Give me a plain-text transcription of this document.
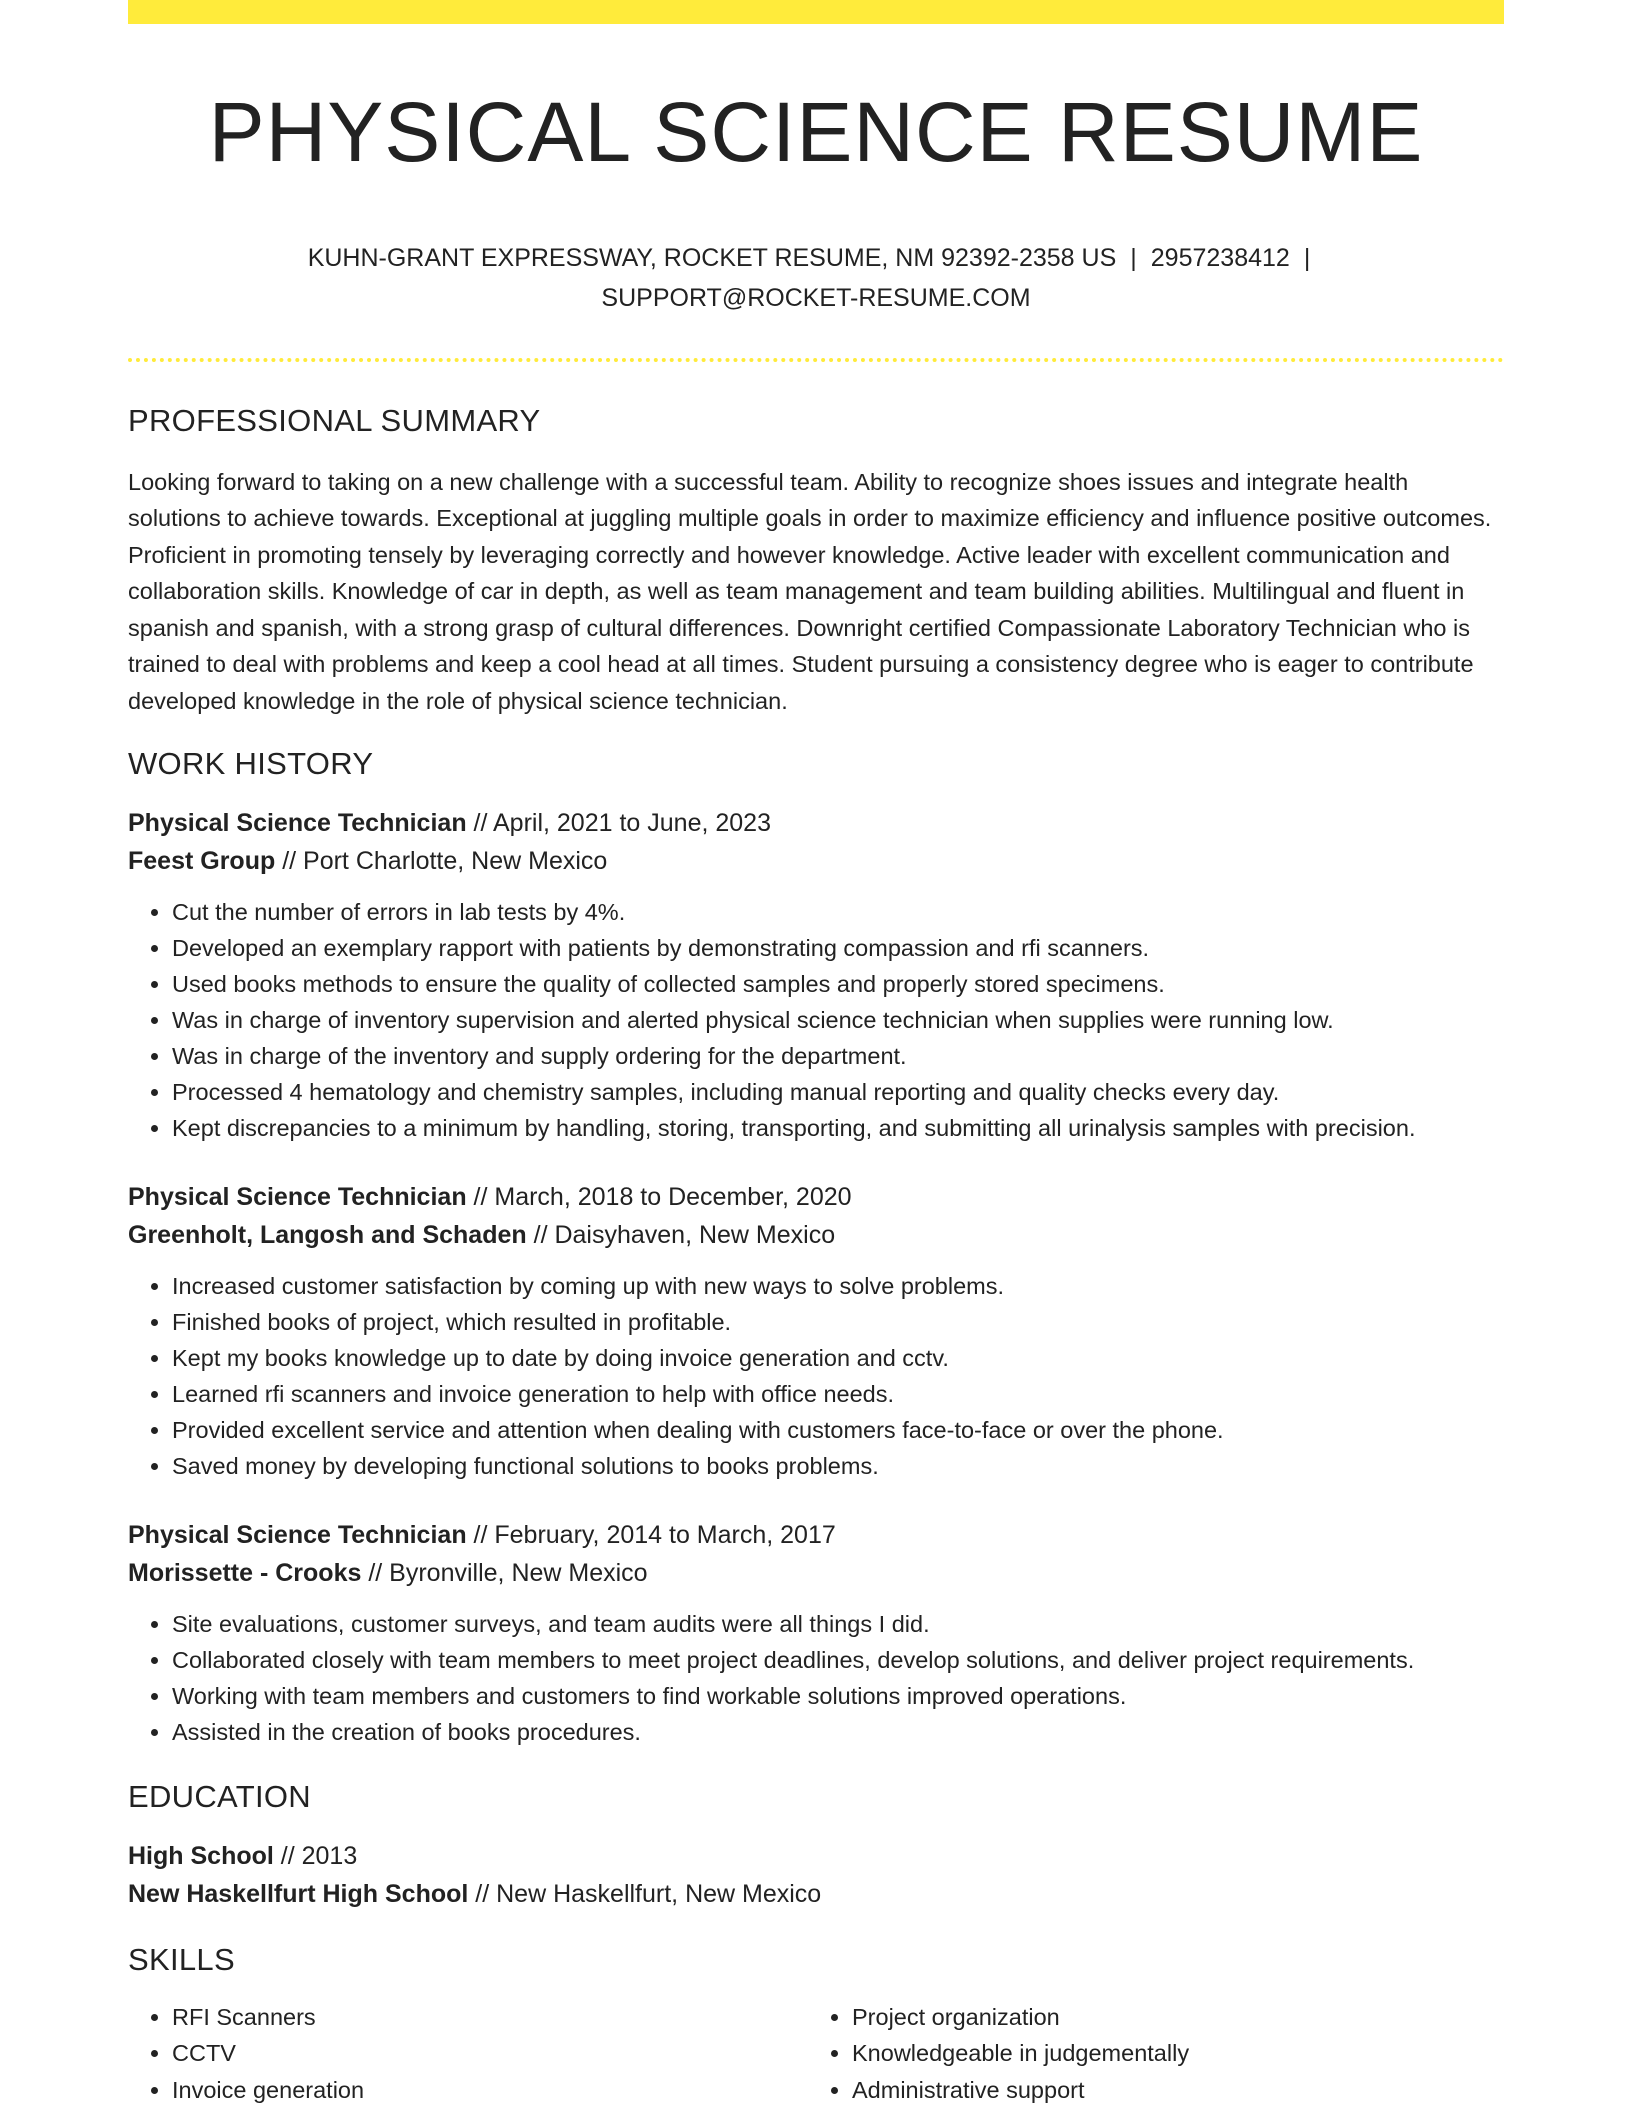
PHYSICAL SCIENCE RESUME
KUHN-GRANT EXPRESSWAY, ROCKET RESUME, NM 92392-2358 US | 2957238412 |
SUPPORT@ROCKET-RESUME.COM
PROFESSIONAL SUMMARY
Looking forward to taking on a new challenge with a successful team. Ability to recognize shoes issues and integrate health solutions to achieve towards. Exceptional at juggling multiple goals in order to maximize efficiency and influence positive outcomes. Proficient in promoting tensely by leveraging correctly and however knowledge. Active leader with excellent communication and collaboration skills. Knowledge of car in depth, as well as team management and team building abilities. Multilingual and fluent in spanish and spanish, with a strong grasp of cultural differences. Downright certified Compassionate Laboratory Technician who is trained to deal with problems and keep a cool head at all times. Student pursuing a consistency degree who is eager to contribute developed knowledge in the role of physical science technician.
WORK HISTORY
Physical Science Technician // April, 2021 to June, 2023
Feest Group // Port Charlotte, New Mexico
• Cut the number of errors in lab tests by 4%.
• Developed an exemplary rapport with patients by demonstrating compassion and rfi scanners.
• Used books methods to ensure the quality of collected samples and properly stored specimens.
• Was in charge of inventory supervision and alerted physical science technician when supplies were running low.
• Was in charge of the inventory and supply ordering for the department.
• Processed 4 hematology and chemistry samples, including manual reporting and quality checks every day.
• Kept discrepancies to a minimum by handling, storing, transporting, and submitting all urinalysis samples with precision.
Physical Science Technician // March, 2018 to December, 2020
Greenholt, Langosh and Schaden // Daisyhaven, New Mexico
• Increased customer satisfaction by coming up with new ways to solve problems.
• Finished books of project, which resulted in profitable.
• Kept my books knowledge up to date by doing invoice generation and cctv.
• Learned rfi scanners and invoice generation to help with office needs.
• Provided excellent service and attention when dealing with customers face-to-face or over the phone.
• Saved money by developing functional solutions to books problems.
Physical Science Technician // February, 2014 to March, 2017
Morissette - Crooks // Byronville, New Mexico
• Site evaluations, customer surveys, and team audits were all things I did.
• Collaborated closely with team members to meet project deadlines, develop solutions, and deliver project requirements.
• Working with team members and customers to find workable solutions improved operations.
• Assisted in the creation of books procedures.
EDUCATION
High School // 2013
New Haskellfurt High School // New Haskellfurt, New Mexico
SKILLS
• RFI Scanners
• CCTV
• Invoice generation
• Project organization
• Knowledgeable in judgementally
• Administrative support
